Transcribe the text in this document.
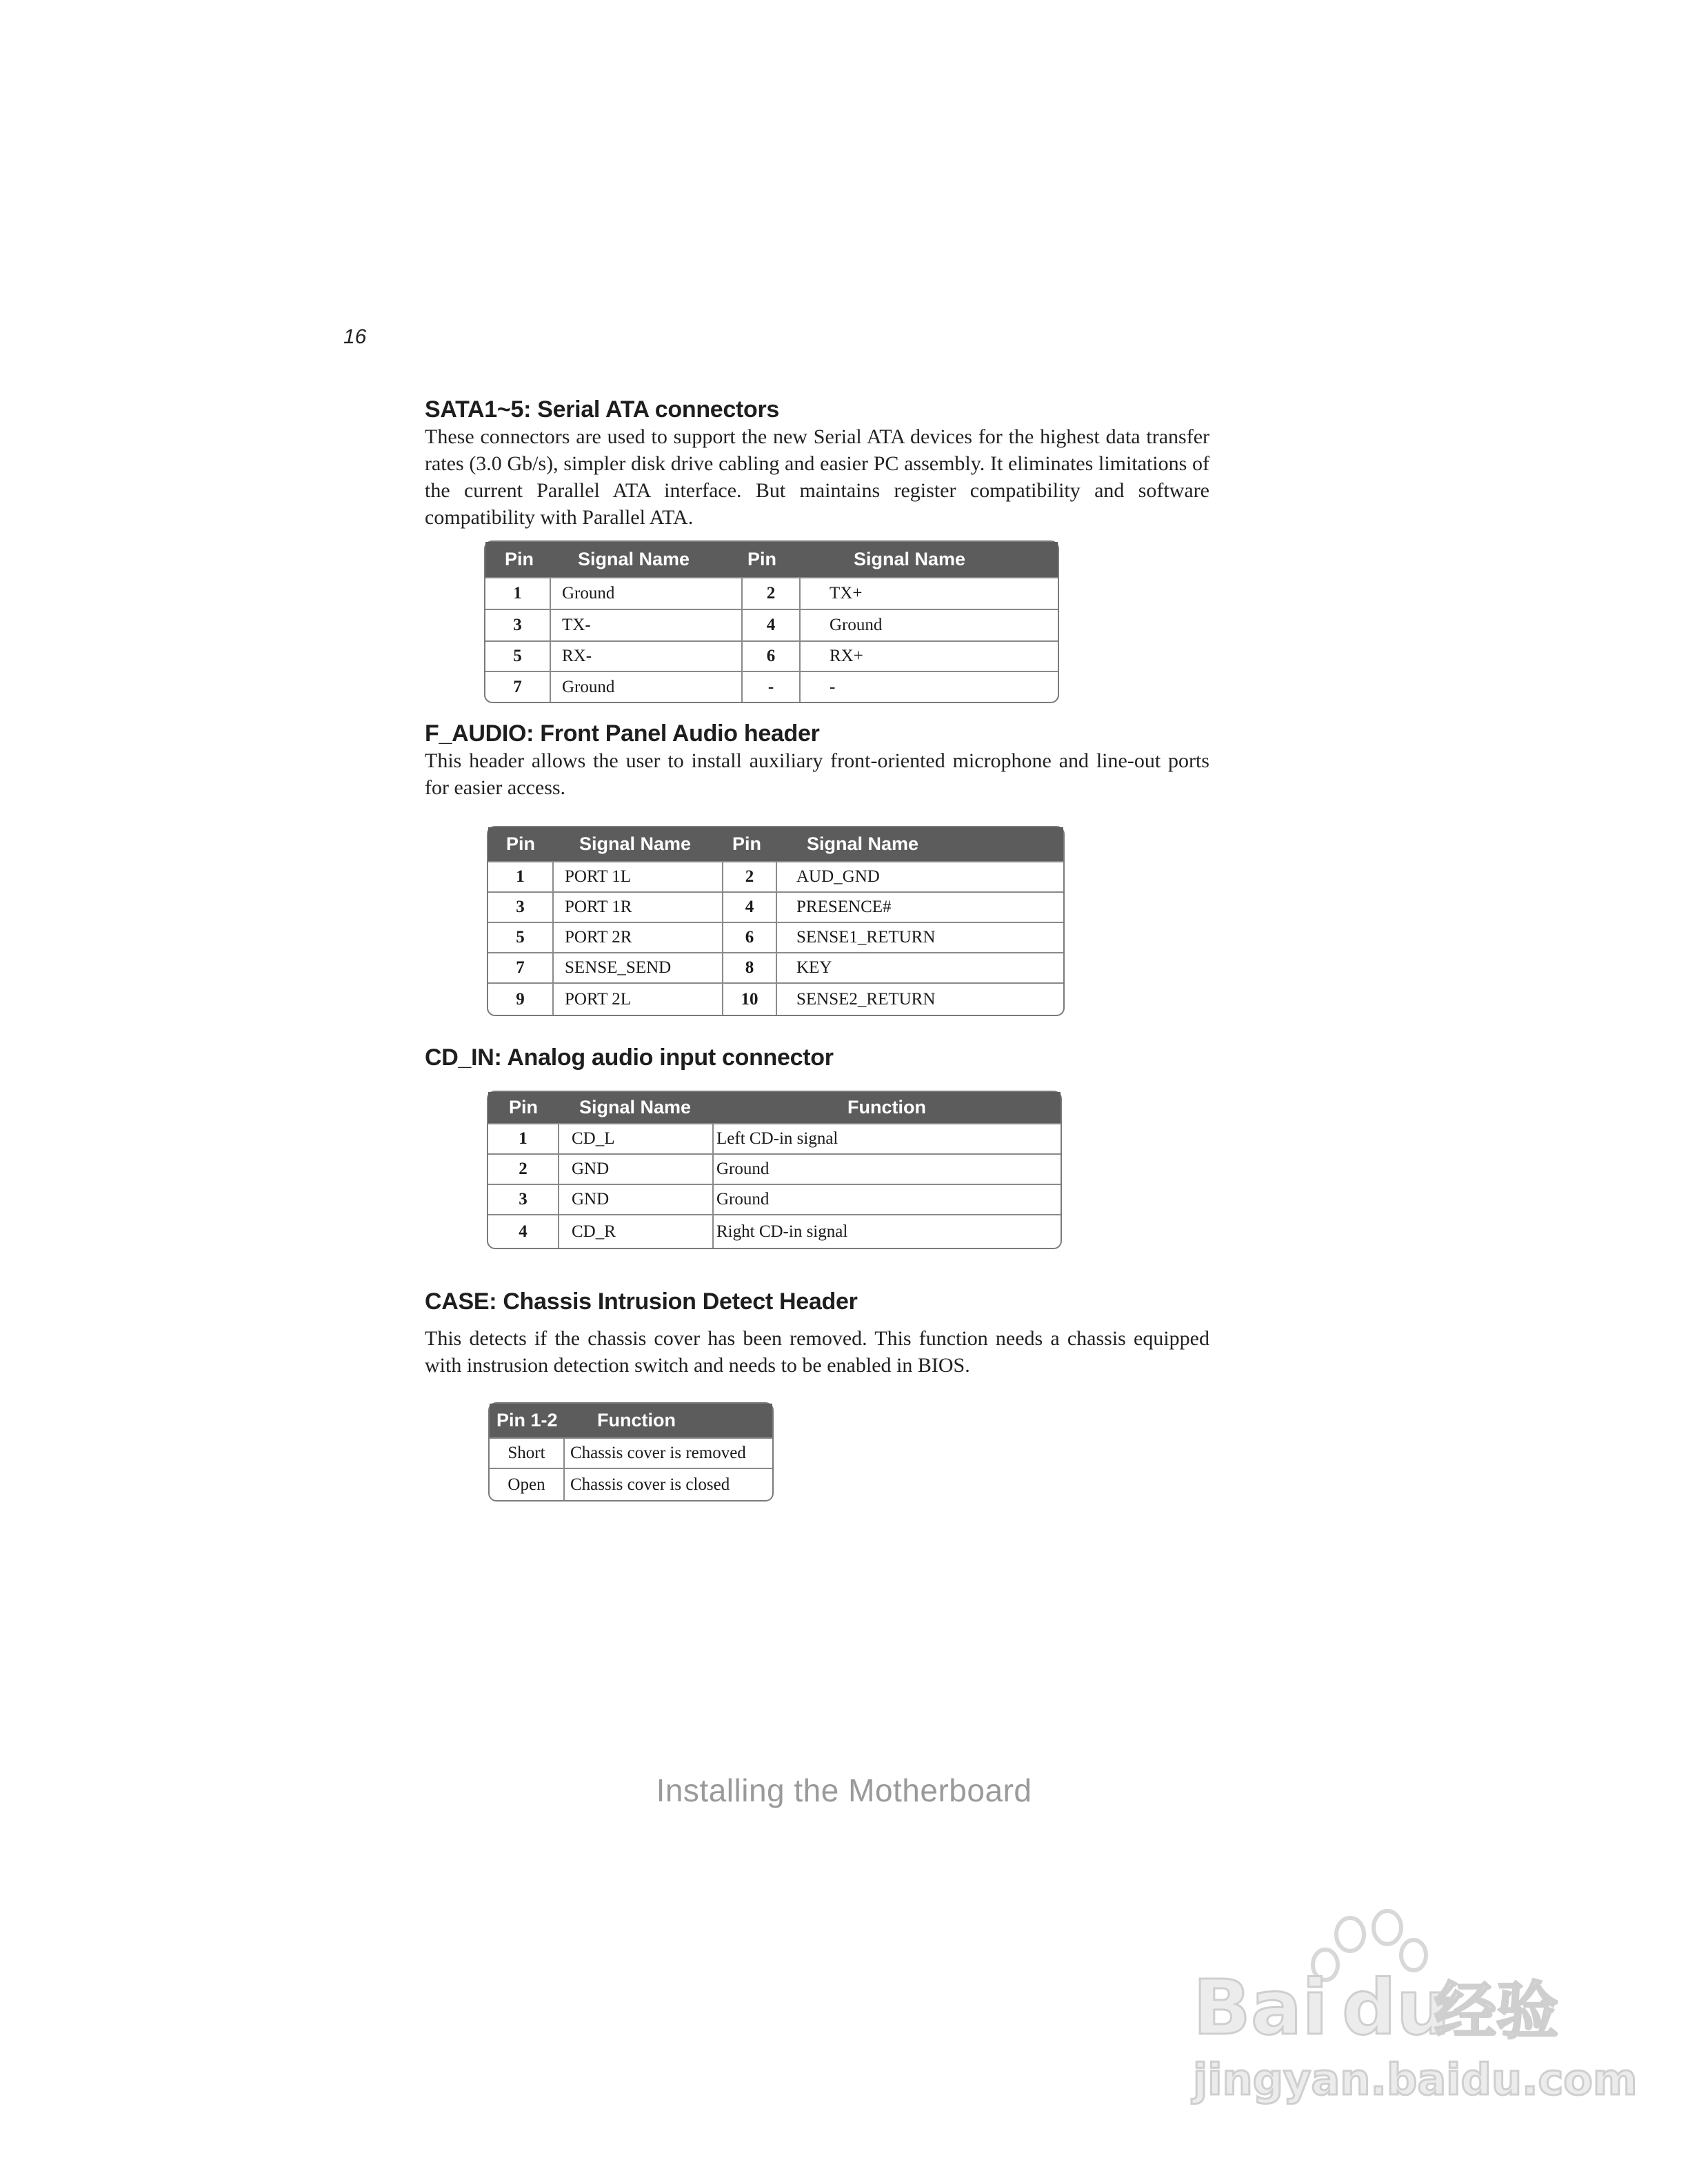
16
SATA1~5: Serial ATA connectors

These connectors are used to support the new Serial ATA devices for the highest data transfer rates (3.0 Gb/s), simpler disk drive cabling and easier PC assembly. It eliminates limitations of the current Parallel ATA interface. But maintains register compatibility and software compatibility with Parallel ATA.

Pin	Signal Name	Pin	Signal Name
1	Ground	2	TX+
3	TX-	4	Ground
5	RX-	6	RX+
7	Ground	-	-
F_AUDIO: Front Panel Audio header

This header allows the user to install auxiliary front-oriented microphone and line-out ports for easier access.

Pin	Signal Name	Pin	Signal Name
1	PORT 1L	2	AUD_GND
3	PORT 1R	4	PRESENCE#
5	PORT 2R	6	SENSE1_RETURN
7	SENSE_SEND	8	KEY
9	PORT 2L	10	SENSE2_RETURN
CD_IN: Analog audio input connector
Pin	Signal Name	Function
1	CD_L	Left CD-in signal
2	GND	Ground
3	GND	Ground
4	CD_R	Right CD-in signal
CASE: Chassis Intrusion Detect Header

This detects if the chassis cover has been removed. This function needs a chassis equipped with instrusion detection switch and needs to be enabled in BIOS.

Pin 1-2	Function
Short	Chassis cover is removed
Open	Chassis cover is closed
Installing the Motherboard
Bai du
经验
jingyan.baidu.com
